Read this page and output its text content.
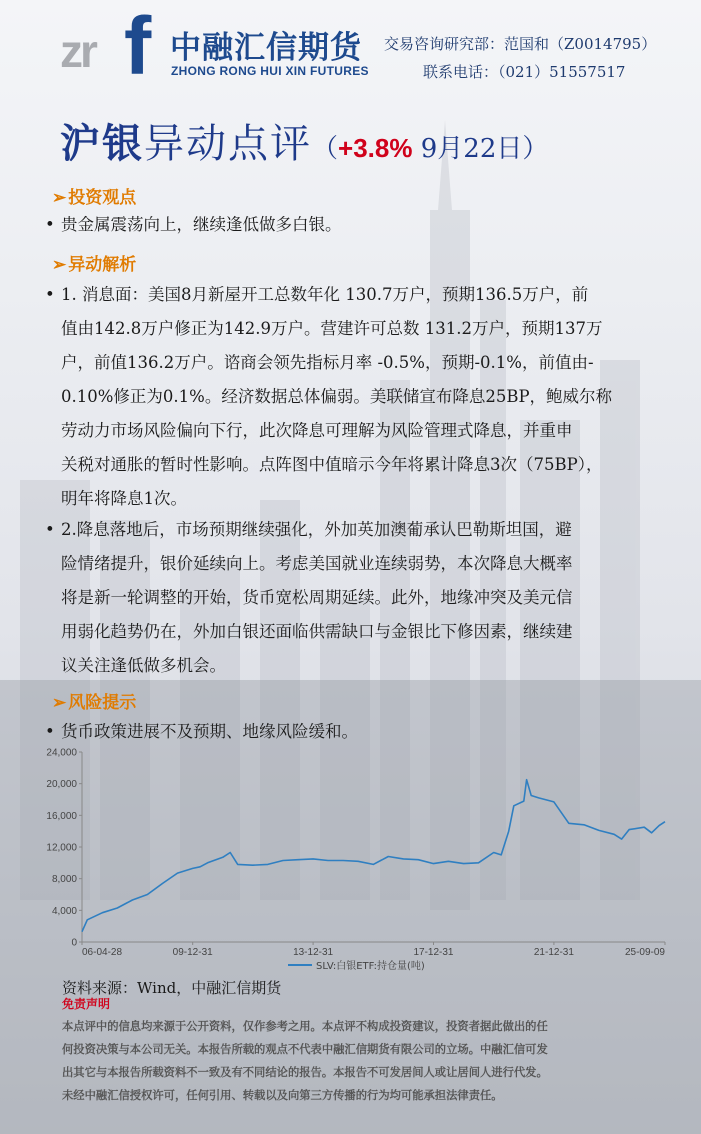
zr f 中融汇信期货
ZHONG RONG HUI XIN FUTURES
交易咨询研究部：范国和（Z0014795）
联系电话：（021）51557517
沪银异动点评（+3.8% 9月22日）
➢ 投资观点
• 贵金属震荡向上，继续逢低做多白银。
➢ 异动解析
• 1. 消息面：美国8月新屋开工总数年化 130.7万户，预期136.5万户，前
值由142.8万户修正为142.9万户。营建许可总数 131.2万户，预期137万
户，前值136.2万户。谘商会领先指标月率 -0.5%，预期-0.1%，前值由-
0.10%修正为0.1%。经济数据总体偏弱。美联储宣布降息25BP，鲍威尔称
劳动力市场风险偏向下行，此次降息可理解为风险管理式降息，并重申
关税对通胀的暂时性影响。点阵图中值暗示今年将累计降息3次（75BP），
明年将降息1次。
• 2.降息落地后，市场预期继续强化，外加英加澳葡承认巴勒斯坦国，避
险情绪提升，银价延续向上。考虑美国就业连续弱势，本次降息大概率
将是新一轮调整的开始，货币宽松周期延续。此外，地缘冲突及美元信
用弱化趋势仍在，外加白银还面临供需缺口与金银比下修因素，继续建
议关注逢低做多机会。
➢ 风险提示
• 货币政策进展不及预期、地缘风险缓和。
0
4,000
8,000
12,000
16,000
20,000
24,000
06-04-28	09-12-31	13-12-31	17-12-31	21-12-31	25-09-09
SLV:白银ETF:持仓量(吨)
资料来源：Wind，中融汇信期货
免责声明
本点评中的信息均来源于公开资料，仅作参考之用。本点评不构成投资建议，投资者据此做出的任
何投资决策与本公司无关。本报告所载的观点不代表中融汇信期货有限公司的立场。中融汇信可发
出其它与本报告所载资料不一致及有不同结论的报告。本报告不可发居间人或让居间人进行代发。
未经中融汇信授权许可，任何引用、转载以及向第三方传播的行为均可能承担法律责任。
